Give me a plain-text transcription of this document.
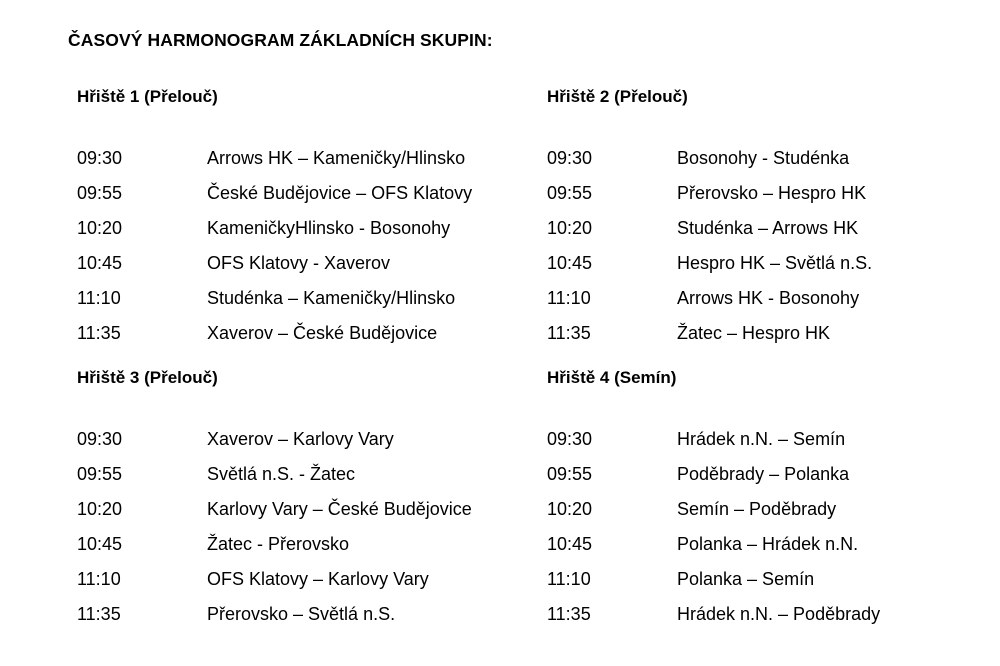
ČASOVÝ HARMONOGRAM ZÁKLADNÍCH SKUPIN:
Hřiště 1 (Přelouč)
09:30	Arrows HK – Kameničky/Hlinsko
09:55	České Budějovice – OFS Klatovy
10:20	KameničkyHlinsko - Bosonohy
10:45	OFS Klatovy - Xaverov
11:10	Studénka – Kameničky/Hlinsko
11:35	Xaverov – České Budějovice
Hřiště 2 (Přelouč)
09:30	Bosonohy - Studénka
09:55	Přerovsko – Hespro HK
10:20	Studénka – Arrows HK
10:45	Hespro HK – Světlá n.S.
11:10	Arrows HK - Bosonohy
11:35	Žatec – Hespro HK
Hřiště 3 (Přelouč)
09:30	Xaverov – Karlovy Vary
09:55	Světlá n.S. - Žatec
10:20	Karlovy Vary – České Budějovice
10:45	Žatec - Přerovsko
11:10	OFS Klatovy – Karlovy Vary
11:35	Přerovsko – Světlá n.S.
Hřiště 4 (Semín)
09:30	Hrádek n.N. – Semín
09:55	Poděbrady – Polanka
10:20	Semín – Poděbrady
10:45	Polanka – Hrádek n.N.
11:10	Polanka – Semín
11:35	Hrádek n.N. – Poděbrady
